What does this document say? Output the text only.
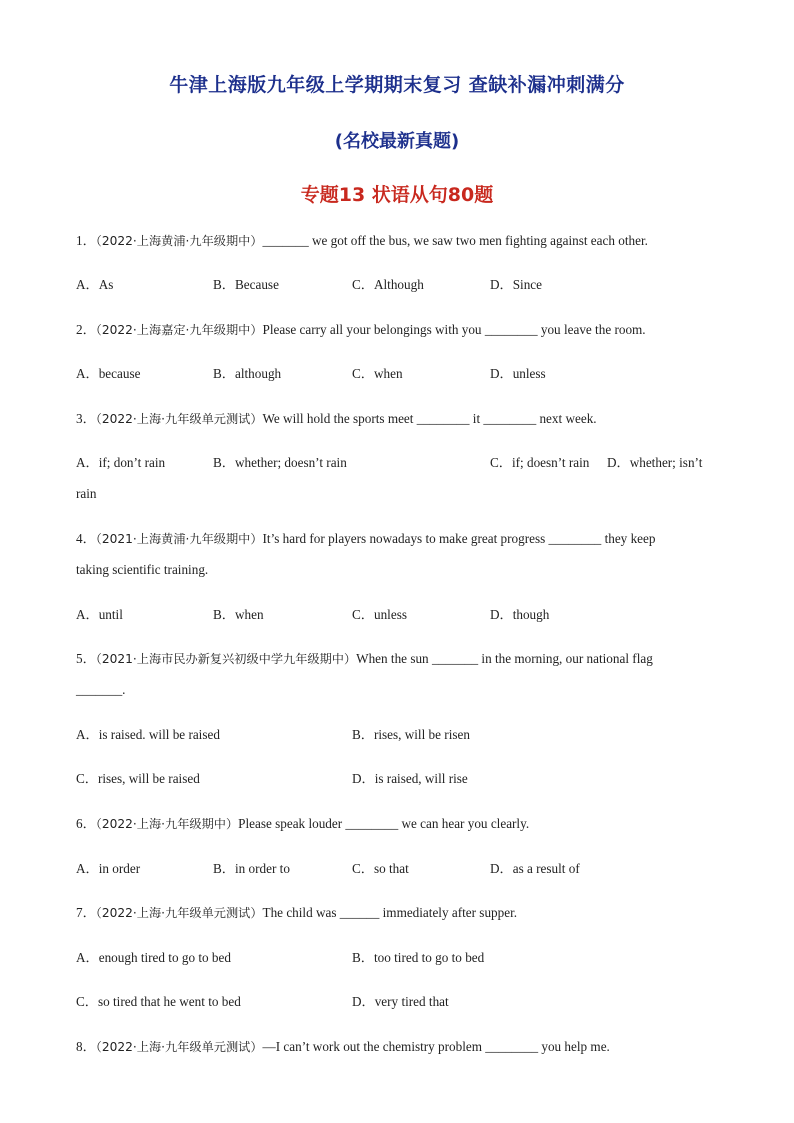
牛津上海版九年级上学期期末复习 查缺补漏冲刺满分
(名校最新真题)
专题13 状语从句80题
1．（2022·上海黄浦·九年级期中）_______ we got off the bus, we saw two men fighting against each other.
A．As	B．Because	C．Although	D．Since
2．（2022·上海嘉定·九年级期中）Please carry all your belongings with you ________ you leave the room.
A．because	B．although	C．when	D．unless
3．（2022·上海·九年级单元测试）We will hold the sports meet ________ it ________ next week.
A．if; don’t rain	B．whether; doesn’t rain	C．if; doesn’t rain D．whether; isn’t
rain
4．（2021·上海黄浦·九年级期中）It’s hard for players nowadays to make great progress ________ they keep
taking scientific training.
A．until	B．when	C．unless	D．though
5．（2021·上海市民办新复兴初级中学九年级期中）When the sun _______ in the morning, our national flag
_______.
A．is raised. will be raised	B．rises, will be risen
C．rises, will be raised	D．is raised, will rise
6．（2022·上海·九年级期中）Please speak louder ________ we can hear you clearly.
A．in order	B．in order to	C．so that	D．as a result of
7．（2022·上海·九年级单元测试）The child was ______ immediately after supper.
A．enough tired to go to bed	B．too tired to go to bed
C．so tired that he went to bed	D．very tired that
8．（2022·上海·九年级单元测试）—I can’t work out the chemistry problem ________ you help me.
